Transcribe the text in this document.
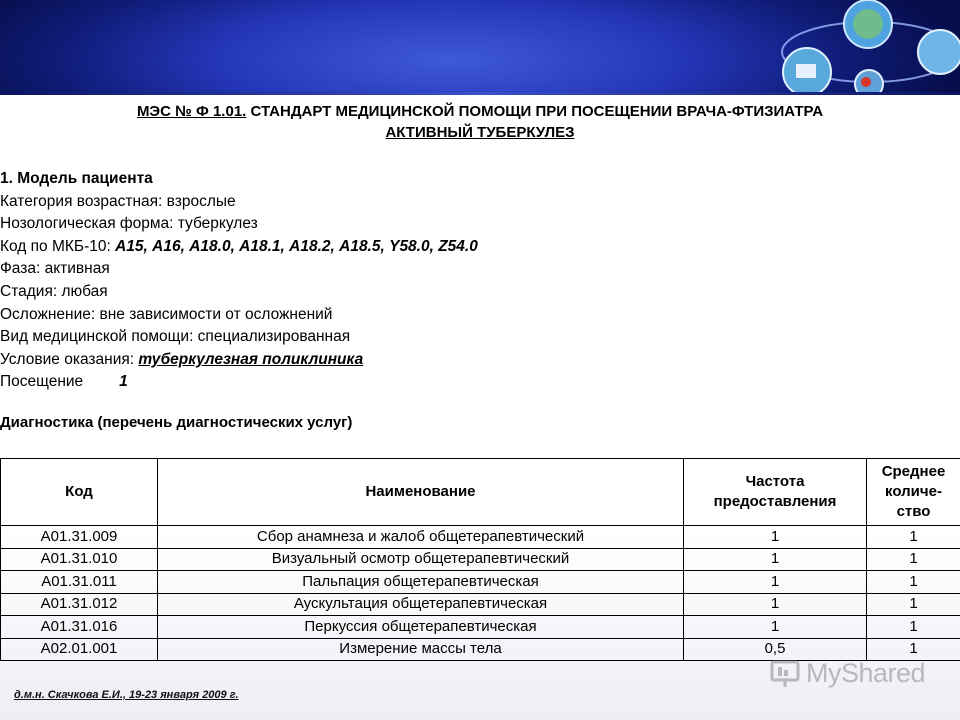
МЭС № Ф 1.01. СТАНДАРТ МЕДИЦИНСКОЙ ПОМОЩИ ПРИ ПОСЕЩЕНИИ ВРАЧА-ФТИЗИАТРА
АКТИВНЫЙ ТУБЕРКУЛЕЗ
1. Модель пациента
Категория возрастная: взрослые
Нозологическая форма: туберкулез
Код по МКБ-10: А15, А16, А18.0, А18.1, А18.2, А18.5, Y58.0, Z54.0
Фаза: активная
Стадия: любая
Осложнение: вне зависимости от осложнений
Вид медицинской помощи: специализированная
Условие оказания: туберкулезная поликлиника
Посещение 1
Диагностика (перечень диагностических услуг)
Код	Наименование	Частота предоставления	Среднее количе-ство

А01.31.009	Сбор анамнеза и жалоб общетерапевтический	1	1
А01.31.010	Визуальный осмотр общетерапевтический	1	1
А01.31.011	Пальпация общетерапевтическая	1	1
А01.31.012	Аускультация общетерапевтическая	1	1
А01.31.016	Перкуссия общетерапевтическая	1	1
А02.01.001	Измерение массы тела	0,5	1
д.м.н. Скачкова Е.И., 19-23 января 2009 г.
MyShared
